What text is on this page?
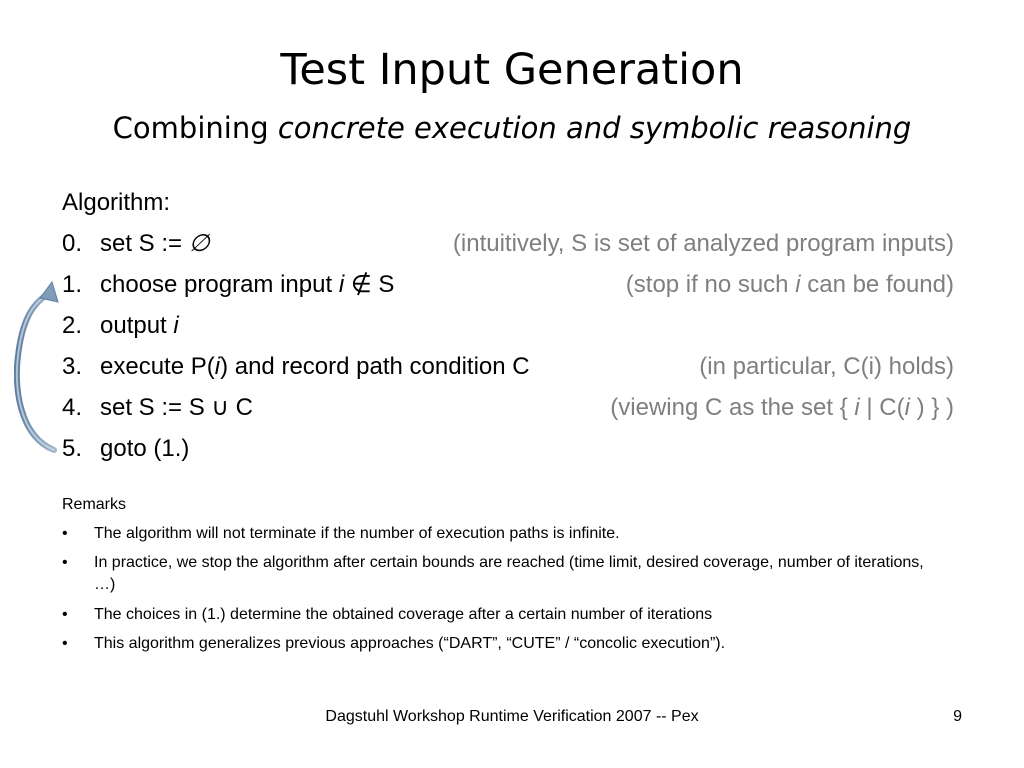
Test Input Generation
Combining concrete execution and symbolic reasoning
Algorithm:
0. set S := ∅	(intuitively, S is set of analyzed program inputs)
1. choose program input i ∉ S	(stop if no such i can be found)
2. output i
3. execute P(i) and record path condition C	(in particular, C(i) holds)
4. set S := S ∪ C	(viewing C as the set { i | C(i ) } )
5. goto (1.)
Remarks
• The algorithm will not terminate if the number of execution paths is infinite.
• In practice, we stop the algorithm after certain bounds are reached (time limit, desired coverage, number of iterations, …)
• The choices in (1.) determine the obtained coverage after a certain number of iterations
• This algorithm generalizes previous approaches (“DART”, “CUTE” / “concolic execution”).
Dagstuhl Workshop Runtime Verification 2007 -- Pex	9
